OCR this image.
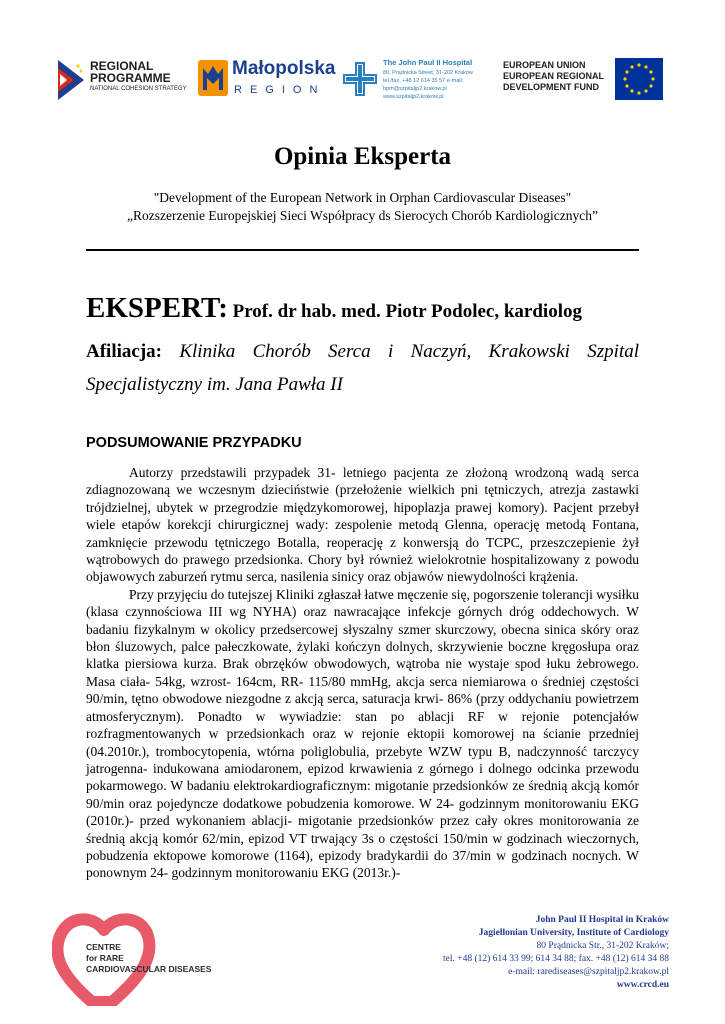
REGIONAL
PROGRAMME
NATIONAL COHESION STRATEGY
Małopolska
REGION
The John Paul II Hospital
80, Prądnicka Street, 31-202 Kraków
tel./fax. +48 12 614 35 57 e-mail:
bpm@szpitaljp2.krakow.pl
www.szpitaljp2.krakow.pl
EUROPEAN UNION
EUROPEAN REGIONAL
DEVELOPMENT FUND
Opinia Eksperta
"Development of the European Network in Orphan Cardiovascular Diseases"
„Rozszerzenie Europejskiej Sieci Współpracy ds Sierocych Chorób Kardiologicznych”
EKSPERT: Prof. dr hab. med. Piotr Podolec, kardiolog
Afiliacja: Klinika Chorób Serca i Naczyń, Krakowski Szpital Specjalistyczny im. Jana Pawła II
PODSUMOWANIE PRZYPADKU

Autorzy przedstawili przypadek 31- letniego pacjenta ze złożoną wrodzoną wadą serca zdiagnozowaną we wczesnym dzieciństwie (przełożenie wielkich pni tętniczych, atrezja zastawki trójdzielnej, ubytek w przegrodzie międzykomorowej, hipoplazja prawej komory). Pacjent przebył wiele etapów korekcji chirurgicznej wady: zespolenie metodą Glenna, operację metodą Fontana, zamknięcie przewodu tętniczego Botalla, reoperację z konwersją do TCPC, przeszczepienie żył wątrobowych do prawego przedsionka. Chory był również wielokrotnie hospitalizowany z powodu objawowych zaburzeń rytmu serca, nasilenia sinicy oraz objawów niewydolności krążenia.

Przy przyjęciu do tutejszej Kliniki zgłaszał łatwe męczenie się, pogorszenie tolerancji wysiłku (klasa czynnościowa III wg NYHA) oraz nawracające infekcje górnych dróg oddechowych. W badaniu fizykalnym w okolicy przedsercowej słyszalny szmer skurczowy, obecna sinica skóry oraz błon śluzowych, palce pałeczkowate, żylaki kończyn dolnych, skrzywienie boczne kręgosłupa oraz klatka piersiowa kurza. Brak obrzęków obwodowych, wątroba nie wystaje spod łuku żebrowego. Masa ciała- 54kg, wzrost- 164cm, RR- 115/80 mmHg, akcja serca niemiarowa o średniej częstości 90/min, tętno obwodowe niezgodne z akcją serca, saturacja krwi- 86% (przy oddychaniu powietrzem atmosferycznym). Ponadto w wywiadzie: stan po ablacji RF w rejonie potencjałów rozfragmentowanych w przedsionkach oraz w rejonie ektopii komorowej na ścianie przedniej (04.2010r.), trombocytopenia, wtórna poliglobulia, przebyte WZW typu B, nadczynność tarczycy jatrogenna- indukowana amiodaronem, epizod krwawienia z górnego i dolnego odcinka przewodu pokarmowego. W badaniu elektrokardiograficznym: migotanie przedsionków ze średnią akcją komór 90/min oraz pojedyncze dodatkowe pobudzenia komorowe. W 24- godzinnym monitorowaniu EKG (2010r.)- przed wykonaniem ablacji- migotanie przedsionków przez cały okres monitorowania ze średnią akcją komór 62/min, epizod VT trwający 3s o częstości 150/min w godzinach wieczornych, pobudzenia ektopowe komorowe (1164), epizody bradykardii do 37/min w godzinach nocnych. W ponownym 24- godzinnym monitorowaniu EKG (2013r.)-

CENTRE
for RARE
CARDIOVASCULAR DISEASES
John Paul II Hospital in Kraków
Jagiellonian University, Institute of Cardiology
80 Prądnicka Str., 31-202 Kraków;
tel. +48 (12) 614 33 99; 614 34 88; fax. +48 (12) 614 34 88
e-mail: rarediseases@szpitaljp2.krakow.pl
www.crcd.eu
